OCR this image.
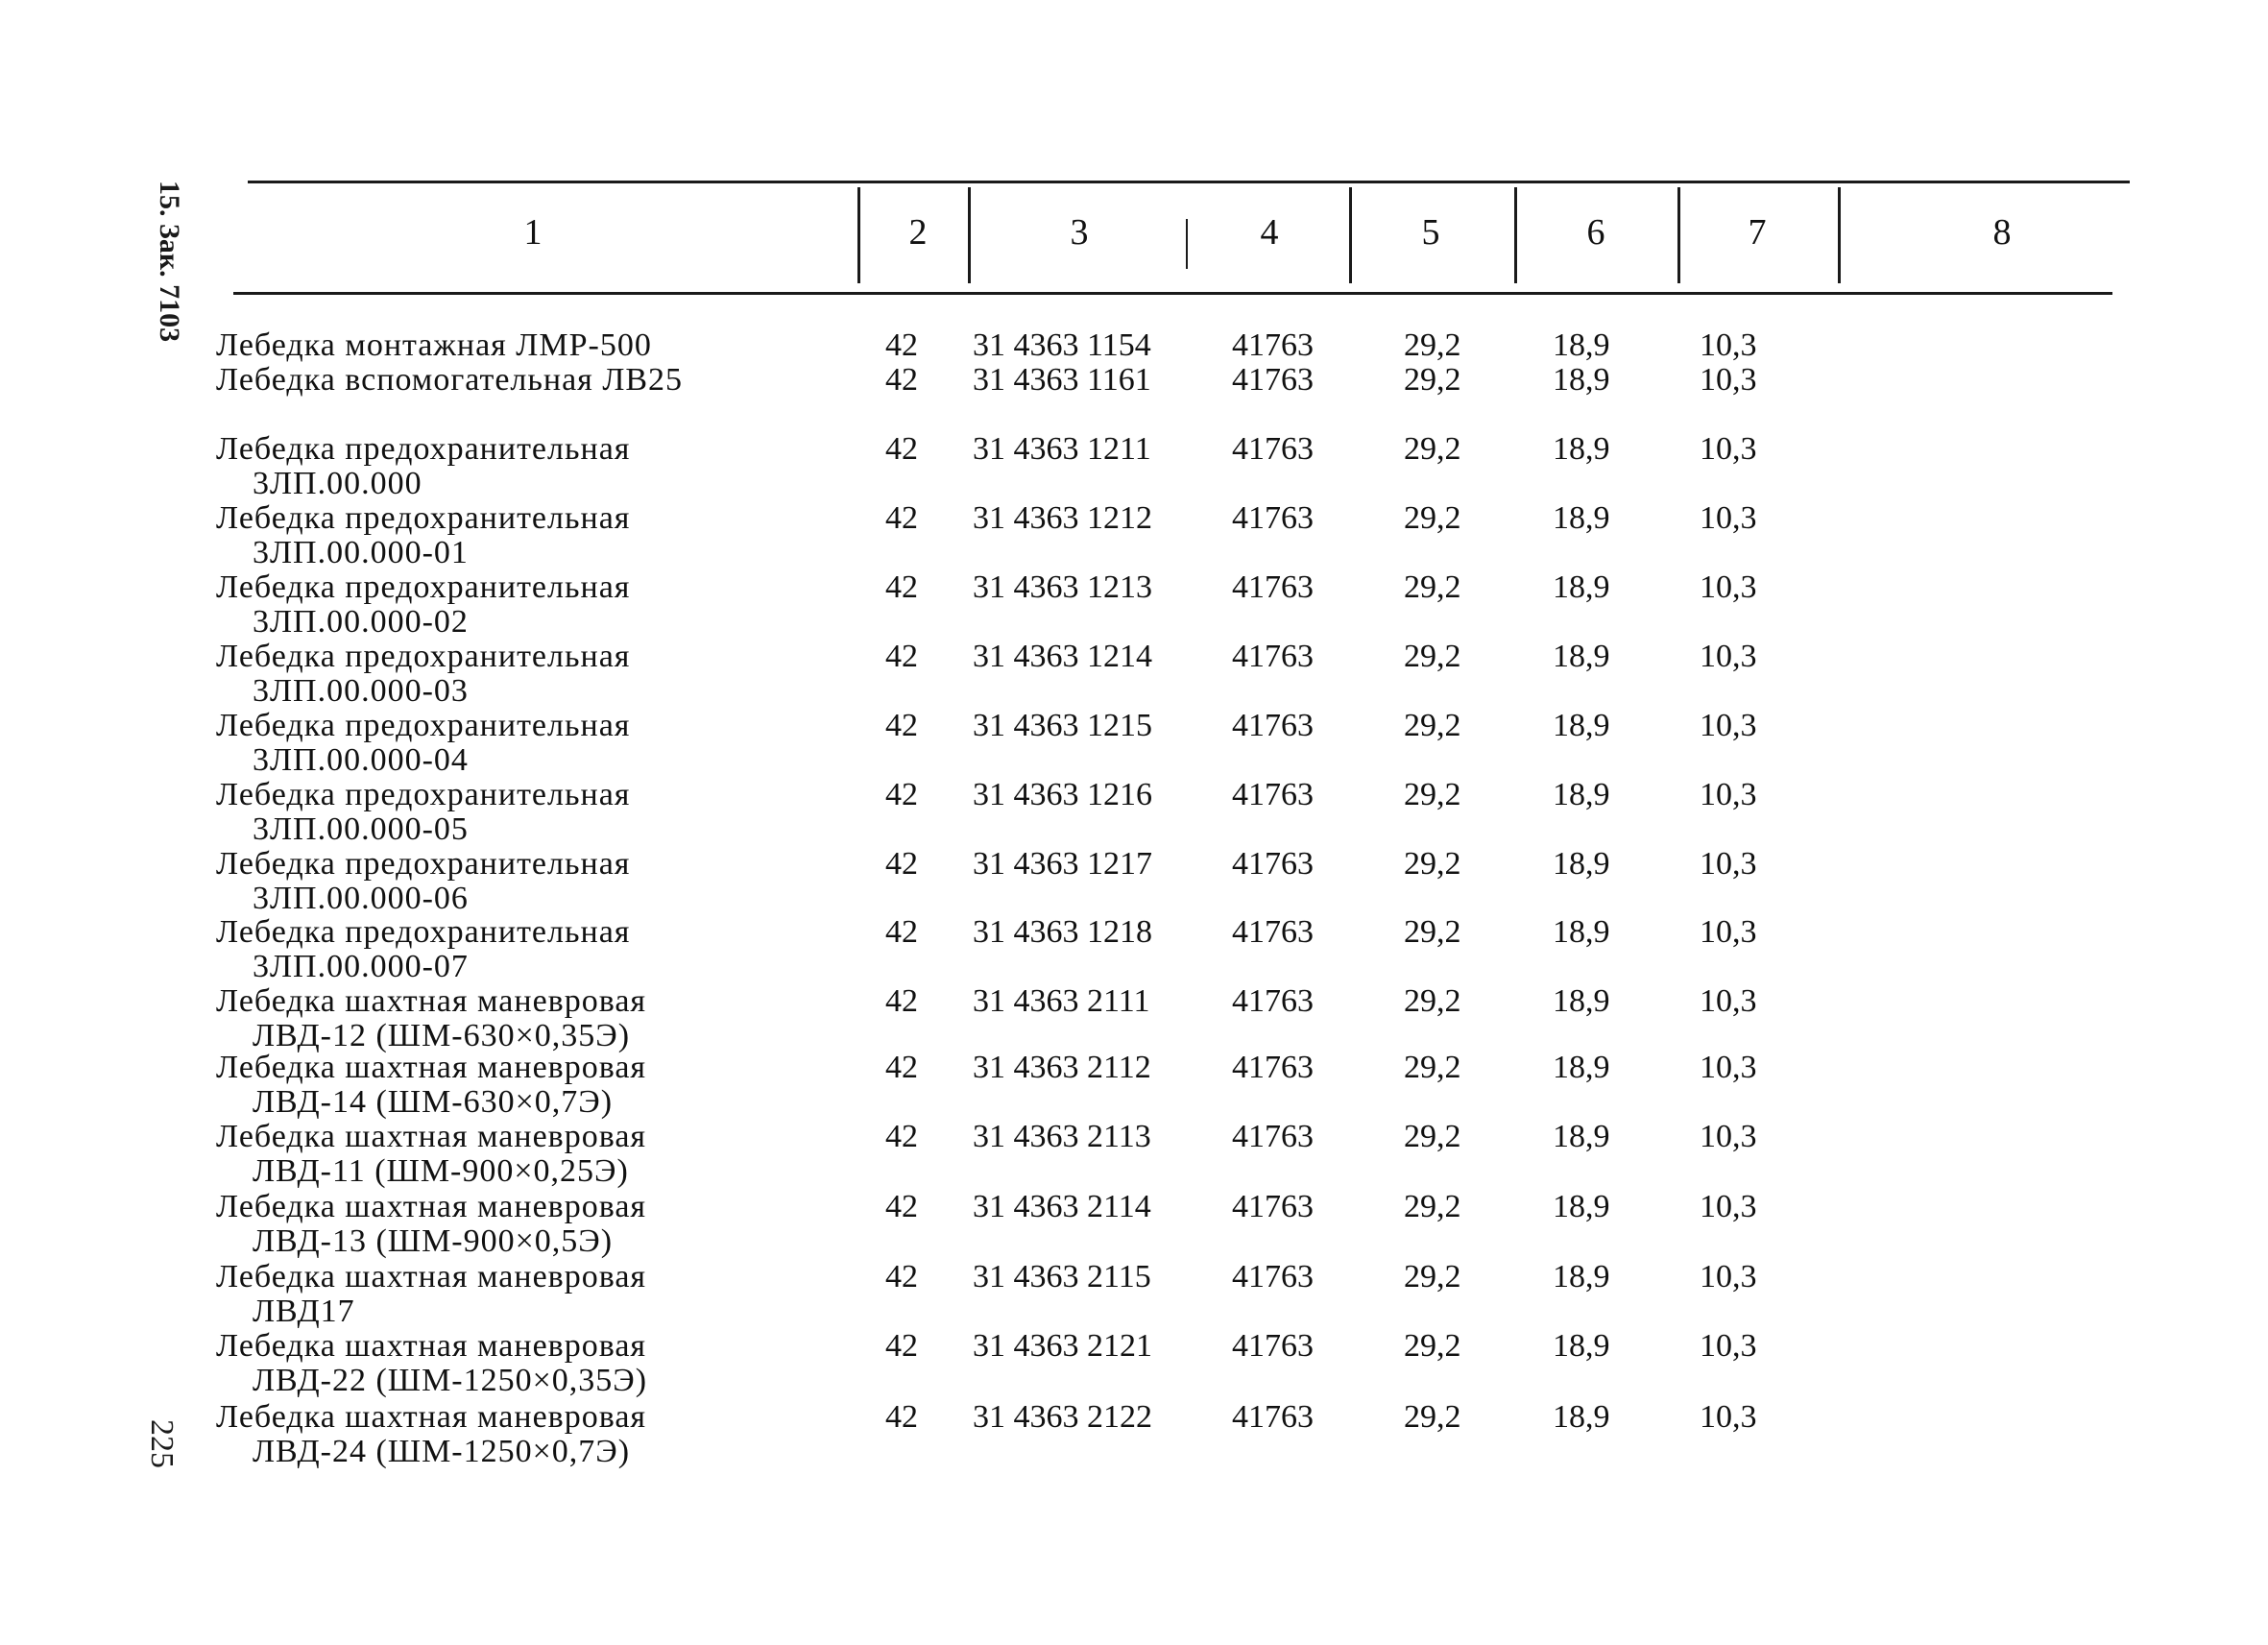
15. Зак. 7103
225
1	2	3	4	5	6	7	8
Лебедка монтажная ЛМР-500	42 31 4363 1154 41763	29,2	18,9	10,3
Лебедка вспомогательная ЛВ25	42 31 4363 1161 41763	29,2	18,9	10,3
Лебедка предохранительная
3ЛП.00.000
42 31 4363 1211 41763	29,2	18,9	10,3
Лебедка предохранительная
3ЛП.00.000-01
42 31 4363 1212 41763	29,2	18,9	10,3
Лебедка предохранительная
3ЛП.00.000-02
42 31 4363 1213 41763	29,2	18,9	10,3
Лебедка предохранительная
3ЛП.00.000-03
42 31 4363 1214 41763	29,2	18,9	10,3
Лебедка предохранительная
3ЛП.00.000-04
42 31 4363 1215 41763	29,2	18,9	10,3
Лебедка предохранительная
3ЛП.00.000-05
42 31 4363 1216 41763	29,2	18,9	10,3
Лебедка предохранительная
3ЛП.00.000-06
42 31 4363 1217 41763	29,2	18,9	10,3
Лебедка предохранительная
3ЛП.00.000-07
42 31 4363 1218 41763	29,2	18,9	10,3
Лебедка шахтная маневровая
ЛВД-12 (ШМ-630×0,35Э)
42 31 4363 2111	41763	29,2	18,9	10,3
Лебедка шахтная маневровая
ЛВД-14 (ШМ-630×0,7Э)
42 31 4363 2112 41763	29,2	18,9	10,3
Лебедка шахтная маневровая
ЛВД-11 (ШМ-900×0,25Э)
42 31 4363 2113 41763	29,2	18,9	10,3
Лебедка шахтная маневровая
ЛВД-13 (ШМ-900×0,5Э)
42 31 4363 2114 41763	29,2	18,9	10,3
Лебедка шахтная маневровая
ЛВД17
42 31 4363 2115 41763	29,2	18,9	10,3
Лебедка шахтная маневровая
ЛВД-22 (ШМ-1250×0,35Э)
42 31 4363 2121 41763	29,2	18,9	10,3
Лебедка шахтная маневровая
ЛВД-24 (ШМ-1250×0,7Э)
42 31 4363 2122 41763	29,2	18,9	10,3
